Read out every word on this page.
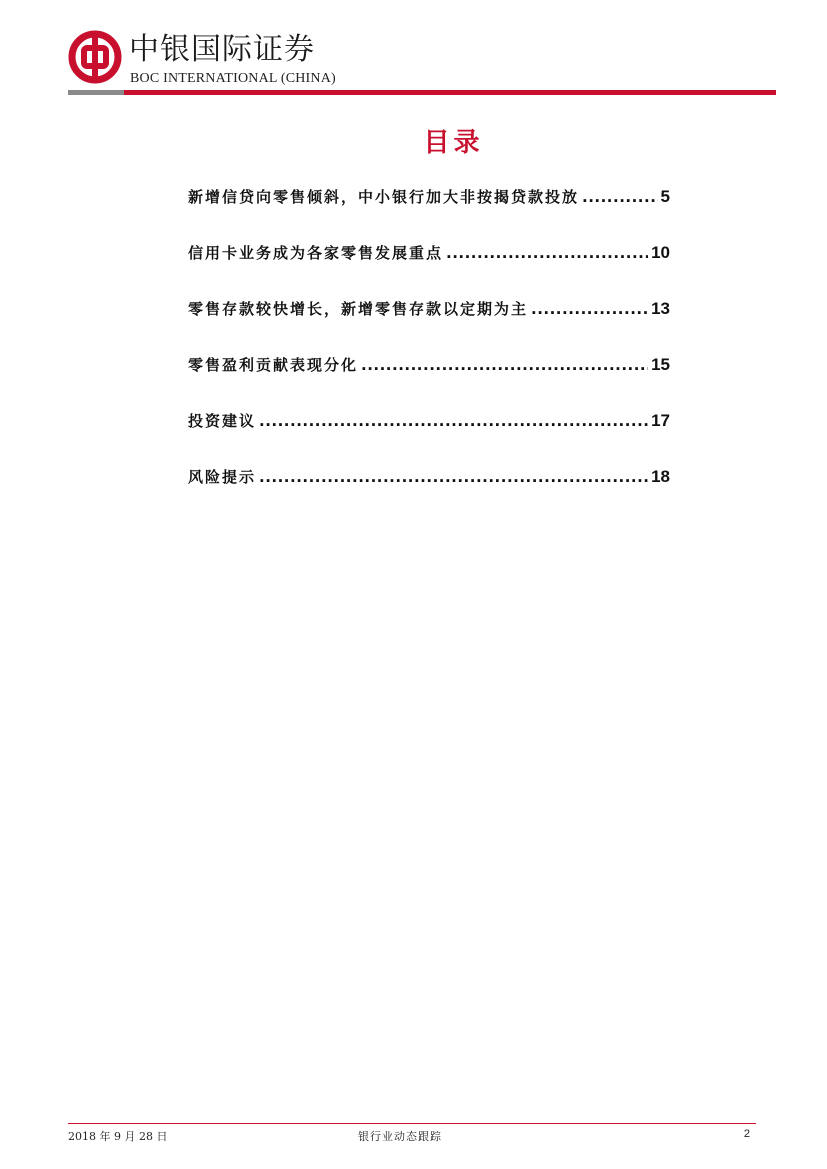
中银国际证券
BOC INTERNATIONAL (CHINA)
目录
新增信贷向零售倾斜，中小银行加大非按揭贷款投放 .....	5
信用卡业务成为各家零售发展重点 .....	10
零售存款较快增长，新增零售存款以定期为主 .....	13
零售盈利贡献表现分化 .....	15
投资建议 .....	17
风险提示 .....	18
2018 年 9 月 28 日	银行业动态跟踪	2
